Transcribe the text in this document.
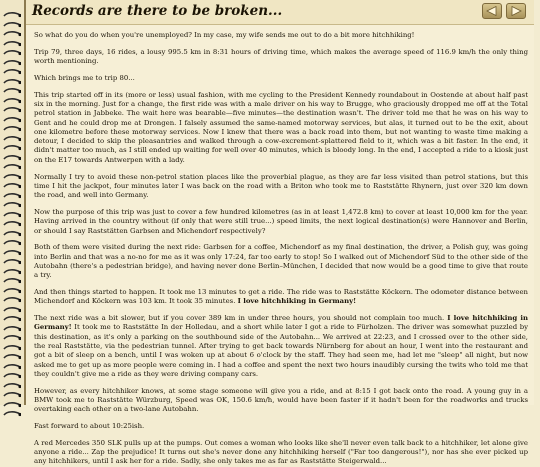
Records are there to be broken...

So what do you do when you're unemployed? In my case, my wife sends me out to do a bit more hitchhiking!

Trip 79, three days, 16 rides, a lousy 995.5 km in 8:31 hours of driving time, which makes the average speed of 116.9 km/h the only thing worth mentioning.

Which brings me to trip 80...

This trip started off in its (more or less) usual fashion, with me cycling to the President Kennedy roundabout in Oostende at about half past six in the morning. Just for a change, the first ride was with a male driver on his way to Brugge, who graciously dropped me off at the Total petrol station in Jabbeke. The wait here was bearable—five minutes—the destination wasn't. The driver told me that he was on his way to Gent and he could drop me at Drongen. I falsely assumed the same-named motorway services, but alas, it turned out to be the exit, about one kilometre before these motorway services. Now I knew that there was a back road into them, but not wanting to waste time making a detour, I decided to skip the pleasantries and walked through a cow-excrement-splattered field to it, which was a bit faster. In the end, it didn't matter too much, as I still ended up waiting for well over 40 minutes, which is bloody long. In the end, I accepted a ride to a kiosk just on the E17 towards Antwerpen with a lady.

Normally I try to avoid these non-petrol station places like the proverbial plague, as they are far less visited than petrol stations, but this time I hit the jackpot, four minutes later I was back on the road with a Briton who took me to Raststätte Rhynern, just over 320 km down the road, and well into Germany.

Now the purpose of this trip was just to cover a few hundred kilometres (as in at least 1,472.8 km) to cover at least 10,000 km for the year. Having arrived in the country without (if only that were still true...) speed limits, the next logical destination(s) were Hannover and Berlin, or should I say Raststätten Garbsen and Michendorf respectively?

Both of them were visited during the next ride: Garbsen for a coffee, Michendorf as my final destination, the driver, a Polish guy, was going into Berlin and that was a no-no for me as it was only 17:24, far too early to stop! So I walked out of Michendorf Süd to the other side of the Autobahn (there's a pedestrian bridge), and having never done Berlin–München, I decided that now would be a good time to give that route a try.

And then things started to happen. It took me 13 minutes to get a ride. The ride was to Raststätte Köckern. The odometer distance between Michendorf and Köckern was 103 km. It took 35 minutes. I love hitchhiking in Germany!

The next ride was a bit slower, but if you cover 389 km in under three hours, you should not complain too much. I love hitchhiking in Germany! It took me to Raststätte In der Holledau, and a short while later I got a ride to Fürholzen. The driver was somewhat puzzled by this destination, as it's only a parking on the southbound side of the Autobahn... We arrived at 22:23, and I crossed over to the other side, the real Raststätte, via the pedestrian tunnel. After trying to get back towards Nürnberg for about an hour, I went into the restaurant and got a bit of sleep on a bench, until I was woken up at about 6 o'clock by the staff. They had seen me, had let me "sleep" all night, but now asked me to get up as more people were coming in. I had a coffee and spent the next two hours inaudibly cursing the twits who told me that they couldn't give me a ride as they were driving company cars.

However, as every hitchhiker knows, at some stage someone will give you a ride, and at 8:15 I got back onto the road. A young guy in a BMW took me to Raststätte Würzburg, Speed was OK, 150.6 km/h, would have been faster if it hadn't been for the roadworks and trucks overtaking each other on a two-lane Autobahn.

Fast forward to about 10:25ish.

A red Mercedes 350 SLK pulls up at the pumps. Out comes a woman who looks like she'll never even talk back to a hitchhiker, let alone give anyone a ride... Zap the prejudice! It turns out she's never done any hitchhiking herself ("Far too dangerous!"), nor has she ever picked up any hitchhikers, until I ask her for a ride. Sadly, she only takes me as far as Raststätte Steigerwald...
